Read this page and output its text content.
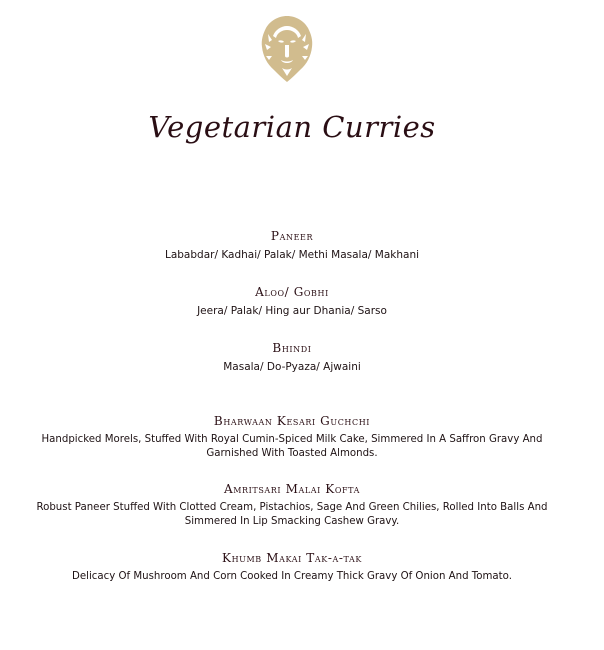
Vegetarian Curries
Paneer
Lababdar/ Kadhai/ Palak/ Methi Masala/ Makhani
Aloo/ Gobhi
Jeera/ Palak/ Hing aur Dhania/ Sarso
Bhindi
Masala/ Do-Pyaza/ Ajwaini
Bharwaan Kesari Guchchi
Handpicked Morels, Stuffed With Royal Cumin-Spiced Milk Cake, Simmered In A Saffron Gravy And Garnished With Toasted Almonds.
Amritsari Malai Kofta
Robust Paneer Stuffed With Clotted Cream, Pistachios, Sage And Green Chilies, Rolled Into Balls And Simmered In Lip Smacking Cashew Gravy.
Khumb Makai Tak-a-tak
Delicacy Of Mushroom And Corn Cooked In Creamy Thick Gravy Of Onion And Tomato.
